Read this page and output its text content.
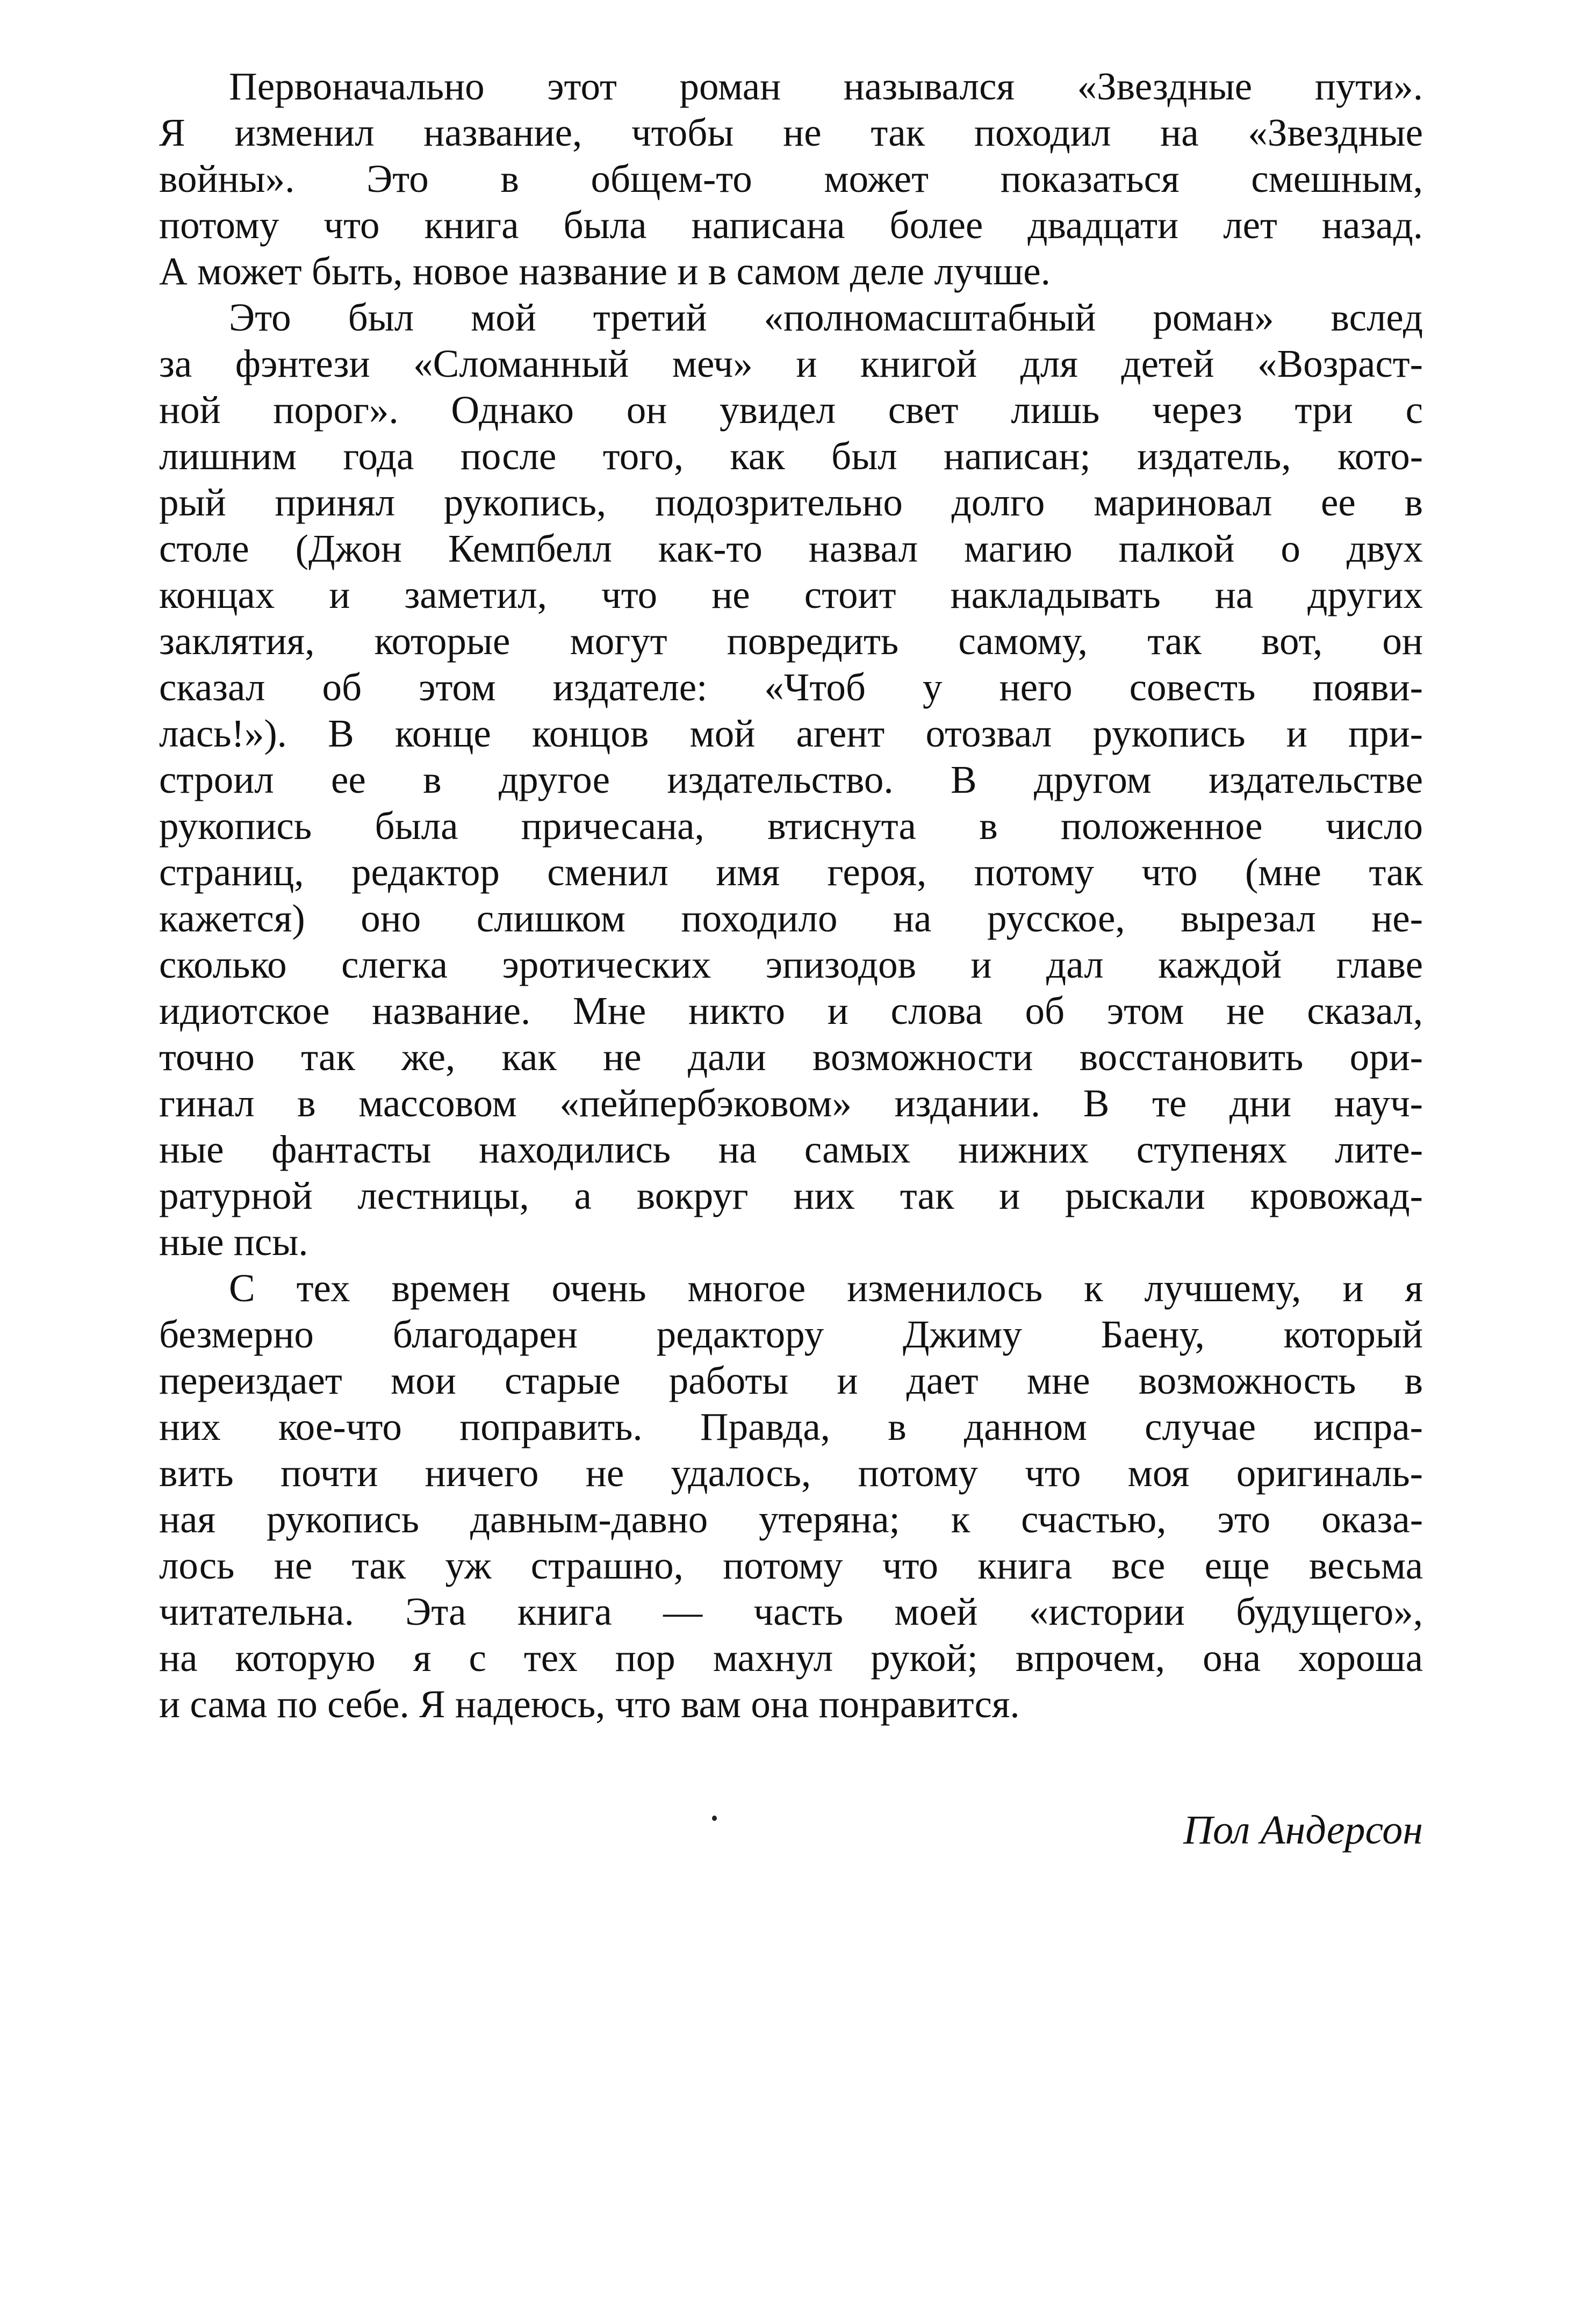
Первоначально этот роман назывался «Звездные пути».
Я изменил название, чтобы не так походил на «Звездные
войны». Это в общем-то может показаться смешным,
потому что книга была написана более двадцати лет назад.
А может быть, новое название и в самом деле лучше.
Это был мой третий «полномасштабный роман» вслед
за фэнтези «Сломанный меч» и книгой для детей «Возраст-
ной порог». Однако он увидел свет лишь через три с
лишним года после того, как был написан; издатель, кото-
рый принял рукопись, подозрительно долго мариновал ее в
столе (Джон Кемпбелл как-то назвал магию палкой о двух
концах и заметил, что не стоит накладывать на других
заклятия, которые могут повредить самому, так вот, он
сказал об этом издателе: «Чтоб у него совесть появи-
лась!»). В конце концов мой агент отозвал рукопись и при-
строил ее в другое издательство. В другом издательстве
рукопись была причесана, втиснута в положенное число
страниц, редактор сменил имя героя, потому что (мне так
кажется) оно слишком походило на русское, вырезал не-
сколько слегка эротических эпизодов и дал каждой главе
идиотское название. Мне никто и слова об этом не сказал,
точно так же, как не дали возможности восстановить ори-
гинал в массовом «пейпербэковом» издании. В те дни науч-
ные фантасты находились на самых нижних ступенях лите-
ратурной лестницы, а вокруг них так и рыскали кровожад-
ные псы.
С тех времен очень многое изменилось к лучшему, и я
безмерно благодарен редактору Джиму Баену, который
переиздает мои старые работы и дает мне возможность в
них кое-что поправить. Правда, в данном случае испра-
вить почти ничего не удалось, потому что моя оригиналь-
ная рукопись давным-давно утеряна; к счастью, это оказа-
лось не так уж страшно, потому что книга все еще весьма
читательна. Эта книга — часть моей «истории будущего»,
на которую я с тех пор махнул рукой; впрочем, она хороша
и сама по себе. Я надеюсь, что вам она понравится.
Пол Андерсон
